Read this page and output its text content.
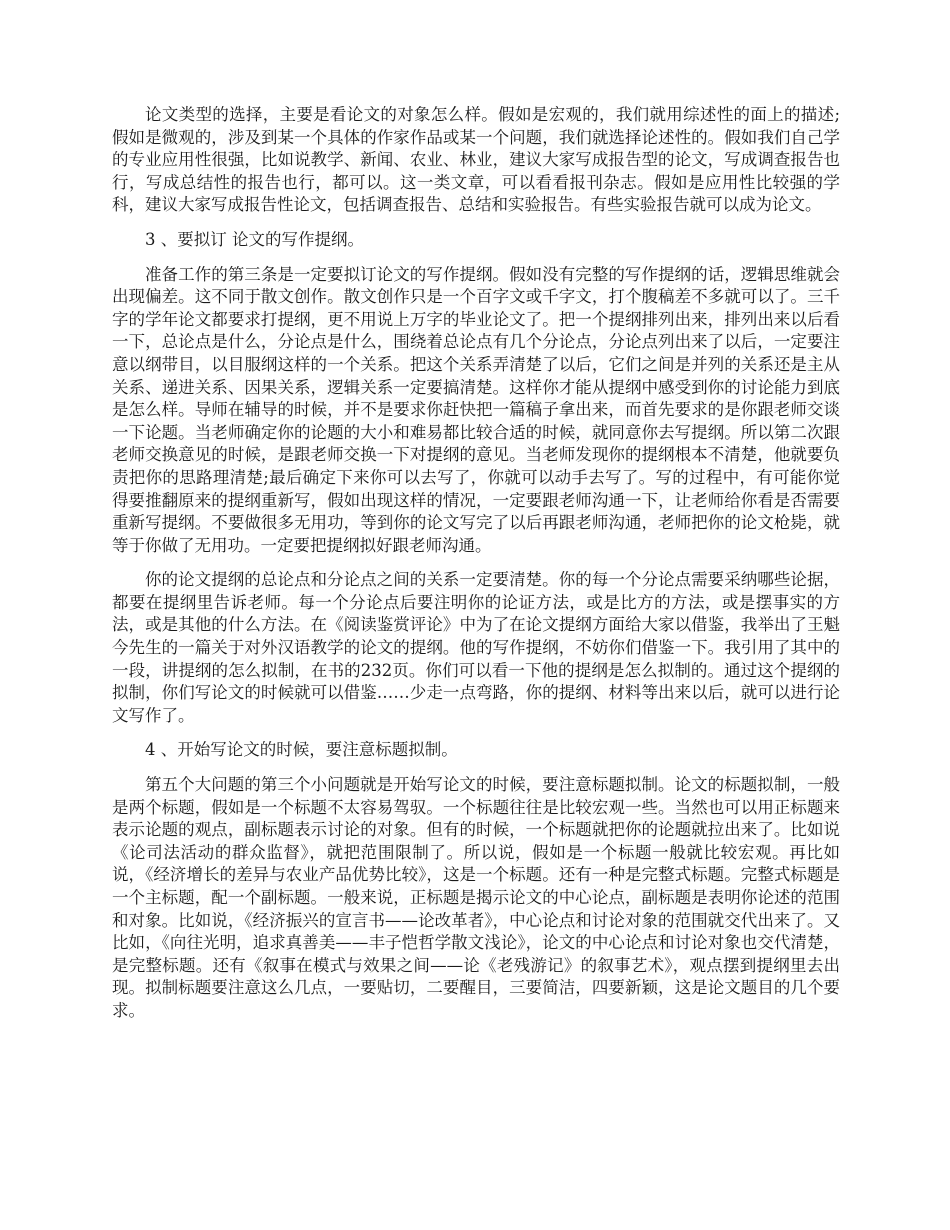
论文类型的选择，主要是看论文的对象怎么样。假如是宏观的，我们就用综述性的面上的描述;假如是微观的，涉及到某一个具体的作家作品或某一个问题，我们就选择论述性的。假如我们自己学的专业应用性很强，比如说教学、新闻、农业、林业，建议大家写成报告型的论文，写成调查报告也行，写成总结性的报告也行，都可以。这一类文章，可以看看报刊杂志。假如是应用性比较强的学科，建议大家写成报告性论文，包括调查报告、总结和实验报告。有些实验报告就可以成为论文。

3 、要拟订 论文的写作提纲。

准备工作的第三条是一定要拟订论文的写作提纲。假如没有完整的写作提纲的话，逻辑思维就会出现偏差。这不同于散文创作。散文创作只是一个百字文或千字文，打个腹稿差不多就可以了。三千字的学年论文都要求打提纲，更不用说上万字的毕业论文了。把一个提纲排列出来，排列出来以后看一下，总论点是什么，分论点是什么，围绕着总论点有几个分论点，分论点列出来了以后，一定要注意以纲带目，以目服纲这样的一个关系。把这个关系弄清楚了以后，它们之间是并列的关系还是主从关系、递进关系、因果关系，逻辑关系一定要搞清楚。这样你才能从提纲中感受到你的讨论能力到底是怎么样。导师在辅导的时候，并不是要求你赶快把一篇稿子拿出来，而首先要求的是你跟老师交谈一下论题。当老师确定你的论题的大小和难易都比较合适的时候，就同意你去写提纲。所以第二次跟老师交换意见的时候，是跟老师交换一下对提纲的意见。当老师发现你的提纲根本不清楚，他就要负责把你的思路理清楚;最后确定下来你可以去写了，你就可以动手去写了。写的过程中，有可能你觉得要推翻原来的提纲重新写，假如出现这样的情况，一定要跟老师沟通一下，让老师给你看是否需要重新写提纲。不要做很多无用功，等到你的论文写完了以后再跟老师沟通，老师把你的论文枪毙，就等于你做了无用功。一定要把提纲拟好跟老师沟通。

你的论文提纲的总论点和分论点之间的关系一定要清楚。你的每一个分论点需要采纳哪些论据，都要在提纲里告诉老师。每一个分论点后要注明你的论证方法，或是比方的方法，或是摆事实的方法，或是其他的什么方法。在《阅读鉴赏评论》中为了在论文提纲方面给大家以借鉴，我举出了王魁今先生的一篇关于对外汉语教学的论文的提纲。他的写作提纲，不妨你们借鉴一下。我引用了其中的一段，讲提纲的怎么拟制，在书的232页。你们可以看一下他的提纲是怎么拟制的。通过这个提纲的拟制，你们写论文的时候就可以借鉴……少走一点弯路，你的提纲、材料等出来以后，就可以进行论文写作了。

4 、开始写论文的时候，要注意标题拟制。

第五个大问题的第三个小问题就是开始写论文的时候，要注意标题拟制。论文的标题拟制，一般是两个标题，假如是一个标题不太容易驾驭。一个标题往往是比较宏观一些。当然也可以用正标题来表示论题的观点，副标题表示讨论的对象。但有的时候，一个标题就把你的论题就拉出来了。比如说《论司法活动的群众监督》，就把范围限制了。所以说，假如是一个标题一般就比较宏观。再比如说，《经济增长的差异与农业产品优势比较》，这是一个标题。还有一种是完整式标题。完整式标题是一个主标题，配一个副标题。一般来说，正标题是揭示论文的中心论点，副标题是表明你论述的范围和对象。比如说，《经济振兴的宣言书——论改革者》，中心论点和讨论对象的范围就交代出来了。又比如，《向往光明，追求真善美——丰子恺哲学散文浅论》，论文的中心论点和讨论对象也交代清楚，是完整标题。还有《叙事在模式与效果之间——论《老残游记》的叙事艺术》，观点摆到提纲里去出现。拟制标题要注意这么几点，一要贴切，二要醒目，三要简洁，四要新颖，这是论文题目的几个要求。
